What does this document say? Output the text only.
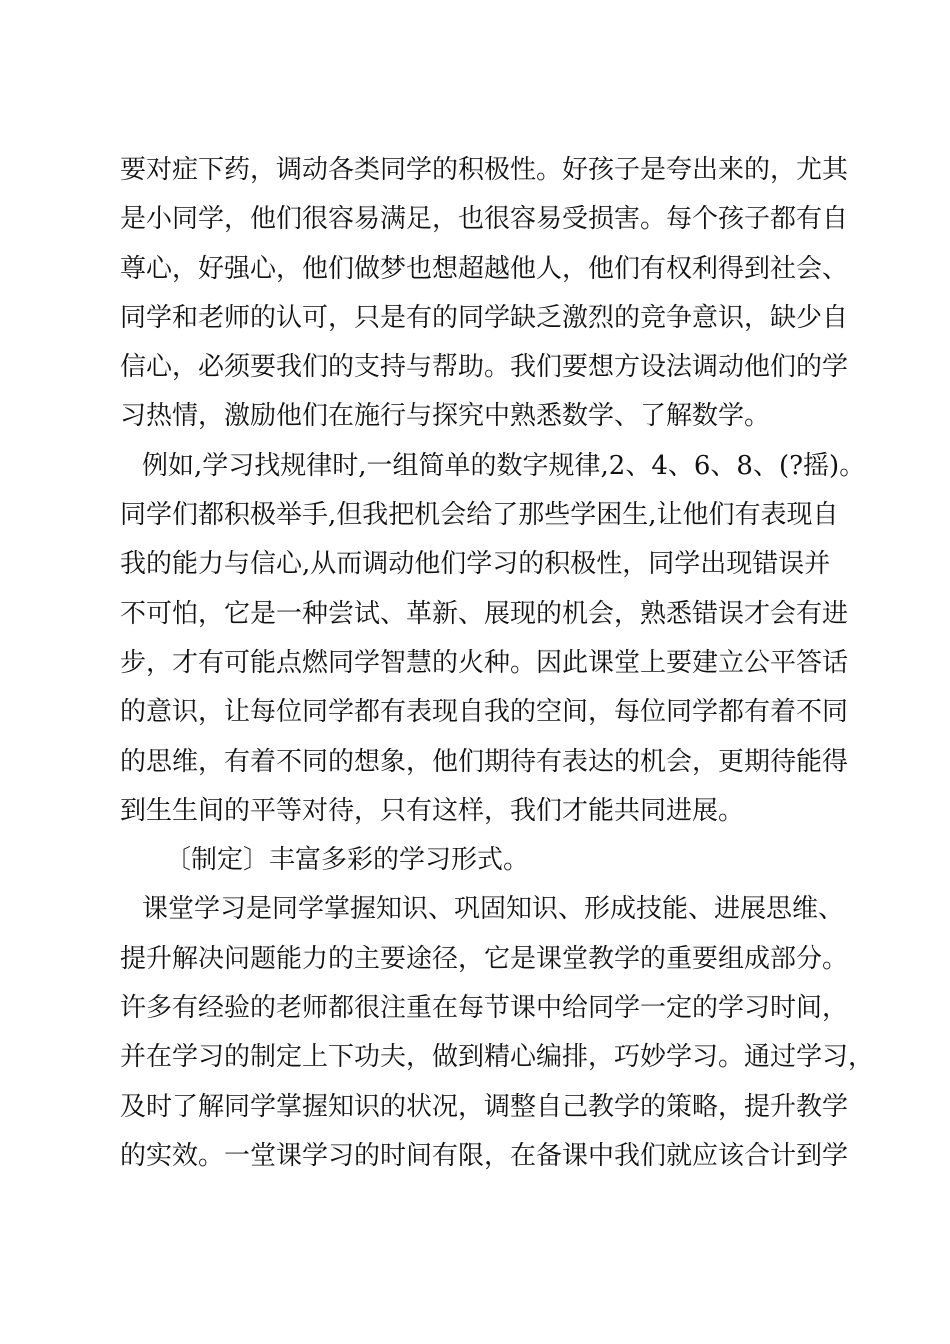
要对症下药，调动各类同学的积极性。好孩子是夸出来的，尤其
是小同学，他们很容易满足，也很容易受损害。每个孩子都有自
尊心，好强心，他们做梦也想超越他人，他们有权利得到社会、
同学和老师的认可，只是有的同学缺乏激烈的竞争意识，缺少自
信心，必须要我们的支持与帮助。我们要想方设法调动他们的学
习热情，激励他们在施行与探究中熟悉数学、了解数学。
例如,学习找规律时,一组简单的数字规律,2、4、6、8、(?摇)。
同学们都积极举手,但我把机会给了那些学困生,让他们有表现自
我的能力与信心,从而调动他们学习的积极性，同学出现错误并
不可怕，它是一种尝试、革新、展现的机会，熟悉错误才会有进
步，才有可能点燃同学智慧的火种。因此课堂上要建立公平答话
的意识，让每位同学都有表现自我的空间，每位同学都有着不同
的思维，有着不同的想象，他们期待有表达的机会，更期待能得
到生生间的平等对待，只有这样，我们才能共同进展。
〔制定〕丰富多彩的学习形式。
课堂学习是同学掌握知识、巩固知识、形成技能、进展思维、
提升解决问题能力的主要途径，它是课堂教学的重要组成部分。
许多有经验的老师都很注重在每节课中给同学一定的学习时间，
并在学习的制定上下功夫，做到精心编排，巧妙学习。通过学习，
及时了解同学掌握知识的状况，调整自己教学的策略，提升教学
的实效。一堂课学习的时间有限，在备课中我们就应该合计到学
